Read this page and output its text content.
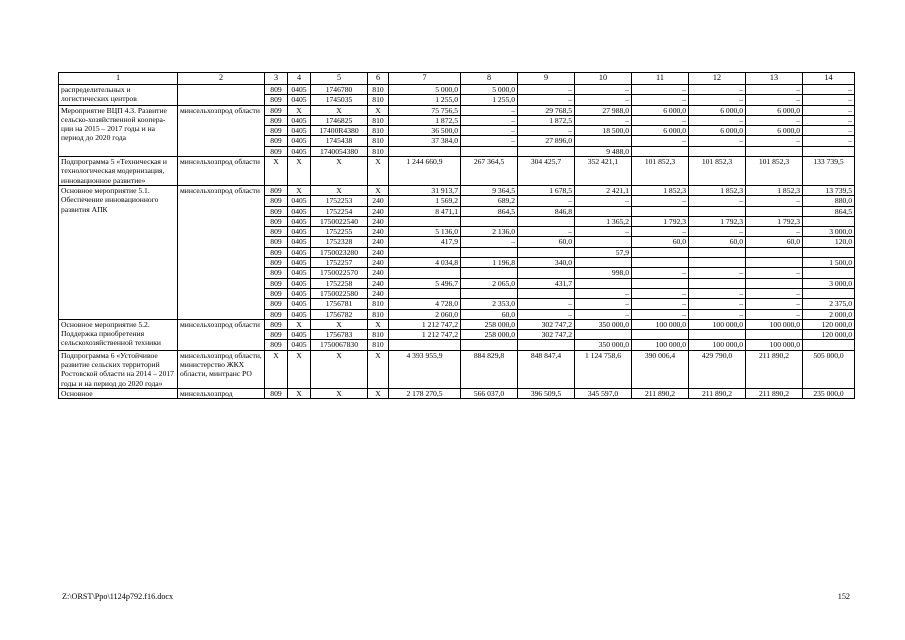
1	2	3	4	5	6	7	8	9	10	11	12	13	14
распределительных и логистических центров		809	0405	1746780	810	5 000,0	5 000,0	–	–	–	–	–	–
		809	0405	1745035	810	1 255,0	1 255,0	–	–	–	–	–	–
Мероприятие ВЦП 4.3. Развитие сельско-хозяйственной коопера-ции на 2015 – 2017 годы и на период до 2020 года	минсельхозпрод области	809	X	X	X	75 756,5	–	29 768,5	27 988,0	6 000,0	6 000,0	6 000,0	–
		809	0405	1746825	810	1 872,5	–	1 872,5	–	–	–	–	–
		809	0405	17400R4380	810	36 500,0	–	–	18 500,0	6 000,0	6 000,0	6 000,0	–
		809	0405	1745438	810	37 384,0	–	27 896,0		–	–	–	–
		809	0405	1740054380	810				9 488,0				
Подпрограмма 5 «Техническая и технологическая модернизация, инновационное развитие»	минсельхозпрод области	X	X	X	X	1 244 660,9	267 364,5	304 425,7	352 421,1	101 852,3	101 852,3	101 852,3	133 739,5
Основное мероприятие 5.1. Обеспечение инновационного развития АПК	минсельхозпрод области	809	X	X	X	31 913,7	9 364,5	1 678,5	2 421,1	1 852,3	1 852,3	1 852,3	13 739,5
		809	0405	1752253	240	1 569,2	689,2	–	–	–	–	–	880,0
		809	0405	1752254	240	8 471,1	864,5	846,8					864,5
		809	0405	1750022540	240				1 365,2	1 792,3	1 792,3	1 792,3	
		809	0405	1752255	240	5 136,0	2 136,0	–	–	–	–	–	3 000,0
		809	0405	1752328	240	417,9	–	60,0		60,0	60,0	60,0	120,0
		809	0405	1750023280	240				57,9				
		809	0405	1752257	240	4 034,8	1 196,8	340,0					1 500,0
		809	0405	1750022570	240				998,0	–	–	–	
		809	0405	1752258	240	5 496,7	2 065,0	431,7					3 000,0
		809	0405	1750022580	240				–	–	–	–	
		809	0405	1756781	810	4 728,0	2 353,0	–	–	–	–	–	2 375,0
		809	0405	1756782	810	2 060,0	60,0	–	–	–	–	–	2 000,0
Основное мероприятие 5.2. Поддержка приобретения сельскохозяйственной техники	минсельхозпрод области	809	X	X	X	1 212 747,2	258 000,0	302 747,2	350 000,0	100 000,0	100 000,0	100 000,0	120 000,0
		809	0405	1756783	810	1 212 747,2	258 000,0	302 747,2					120 000,0
		809	0405	1750067830	810				350 000,0	100 000,0	100 000,0	100 000,0	
Подпрограмма 6 «Устойчивое развитие сельских территорий Ростовской области на 2014 – 2017 годы и на период до 2020 года»	минсельхозпрод области, министерство ЖКХ области, минтранс РО	X	X	X	X	4 393 955,9	884 829,8	848 847,4	1 124 758,6	390 006,4	429 790,0	211 890,2	505 000,0
Основное	минсельхозпрод	809	X	X	X	2 178 270,5	566 037,0	396 509,5	345 597,0	211 890,2	211 890,2	211 890,2	235 000,0
Z:\ORST\Ppo\1124p792.f16.docx	152
